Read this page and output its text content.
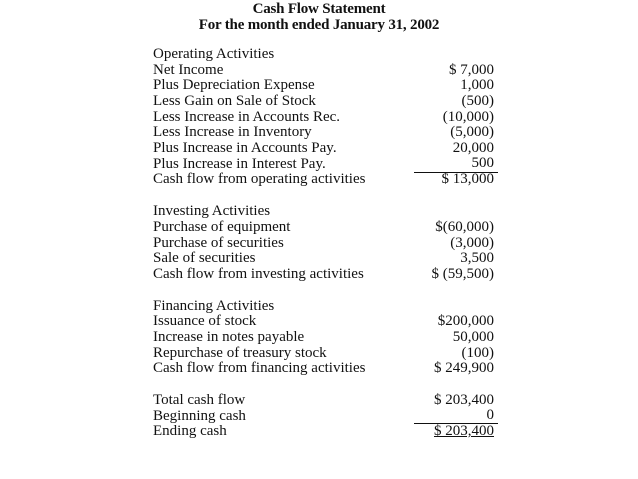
Cash Flow Statement
For the month ended January 31, 2002
Operating Activities
Net Income	$ 7,000
Plus Depreciation Expense	1,000
Less Gain on Sale of Stock	(500)
Less Increase in Accounts Rec.	(10,000)
Less Increase in Inventory	(5,000)
Plus Increase in Accounts Pay.	20,000
Plus Increase in Interest Pay.	500
Cash flow from operating activities	$ 13,000
Investing Activities
Purchase of equipment	$(60,000)
Purchase of securities	(3,000)
Sale of securities	3,500
Cash flow from investing activities	$ (59,500)
Financing Activities
Issuance of stock	$200,000
Increase in notes payable	50,000
Repurchase of treasury stock	(100)
Cash flow from financing activities	$ 249,900
Total cash flow	$ 203,400
Beginning cash	0
Ending cash	$ 203,400
